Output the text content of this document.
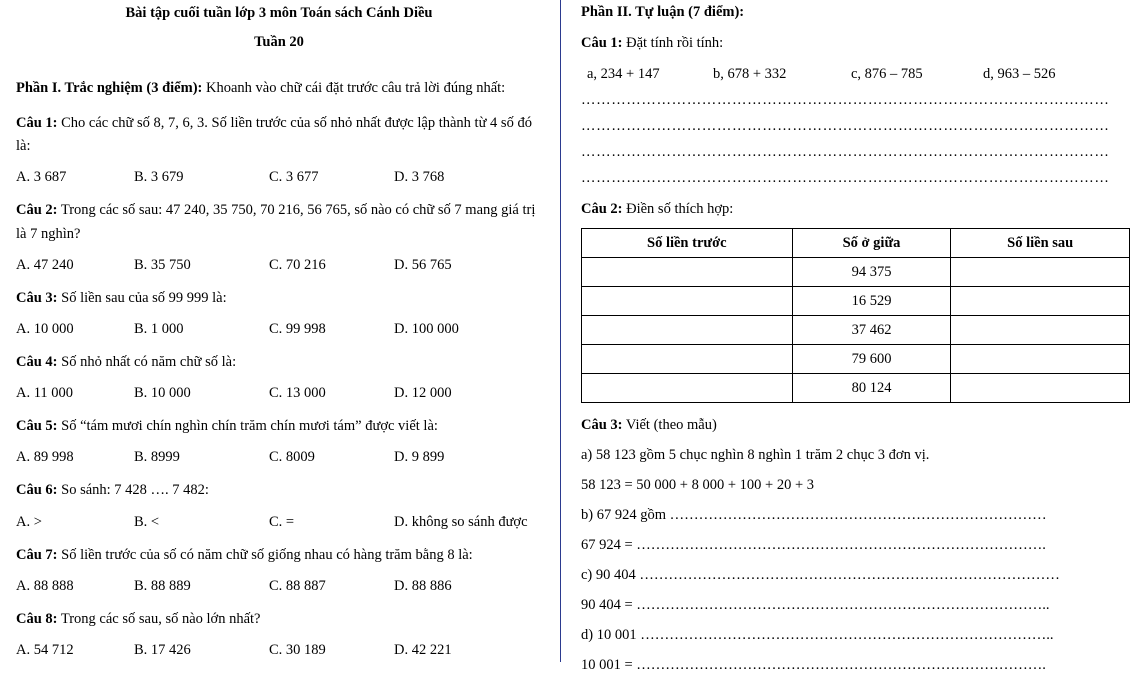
Bài tập cuối tuần lớp 3 môn Toán sách Cánh Diều
Tuần 20
Phần I. Trắc nghiệm (3 điểm): Khoanh vào chữ cái đặt trước câu trả lời đúng nhất:
Câu 1: Cho các chữ số 8, 7, 6, 3. Số liền trước của số nhỏ nhất được lập thành từ 4 số đó là:
A. 3 687	B. 3 679	C. 3 677	D. 3 768
Câu 2: Trong các số sau: 47 240, 35 750, 70 216, 56 765, số nào có chữ số 7 mang giá trị là 7 nghìn?
A. 47 240	B. 35 750	C. 70 216	D. 56 765
Câu 3: Số liền sau của số 99 999 là:
A. 10 000	B. 1 000	C. 99 998	D. 100 000
Câu 4: Số nhỏ nhất có năm chữ số là:
A. 11 000	B. 10 000	C. 13 000	D. 12 000
Câu 5: Số “tám mươi chín nghìn chín trăm chín mươi tám” được viết là:
A. 89 998	B. 8999	C. 8009	D. 9 899
Câu 6: So sánh: 7 428 …. 7 482:
A. >	B. <	C. =	D. không so sánh được
Câu 7: Số liền trước của số có năm chữ số giống nhau có hàng trăm bằng 8 là:
A. 88 888	B. 88 889	C. 88 887	D. 88 886
Câu 8: Trong các số sau, số nào lớn nhất?
A. 54 712	B. 17 426	C. 30 189	D. 42 221
Phần II. Tự luận (7 điểm):
Câu 1: Đặt tính rồi tính:
a, 234 + 147	b, 678 + 332	c, 876 – 785	d, 963 – 526
……………………………………………………………………………………………
……………………………………………………………………………………………
……………………………………………………………………………………………
……………………………………………………………………………………………
Câu 2: Điền số thích hợp:
Số liền trước	Số ở giữa	Số liền sau
	94 375	
	16 529	
	37 462	
	79 600	
	80 124	
Câu 3: Viết (theo mẫu)
a) 58 123 gồm 5 chục nghìn 8 nghìn 1 trăm 2 chục 3 đơn vị.
58 123 = 50 000 + 8 000 + 100 + 20 + 3
b) 67 924 gồm ……………………………………………………………………
67 924 = ………………………………………………………………………….
c) 90 404 ……………………………………………………………………………
90 404 = …………………………………………………………………………..
d) 10 001 …………………………………………………………………………..
10 001 = ………………………………………………………………………….
